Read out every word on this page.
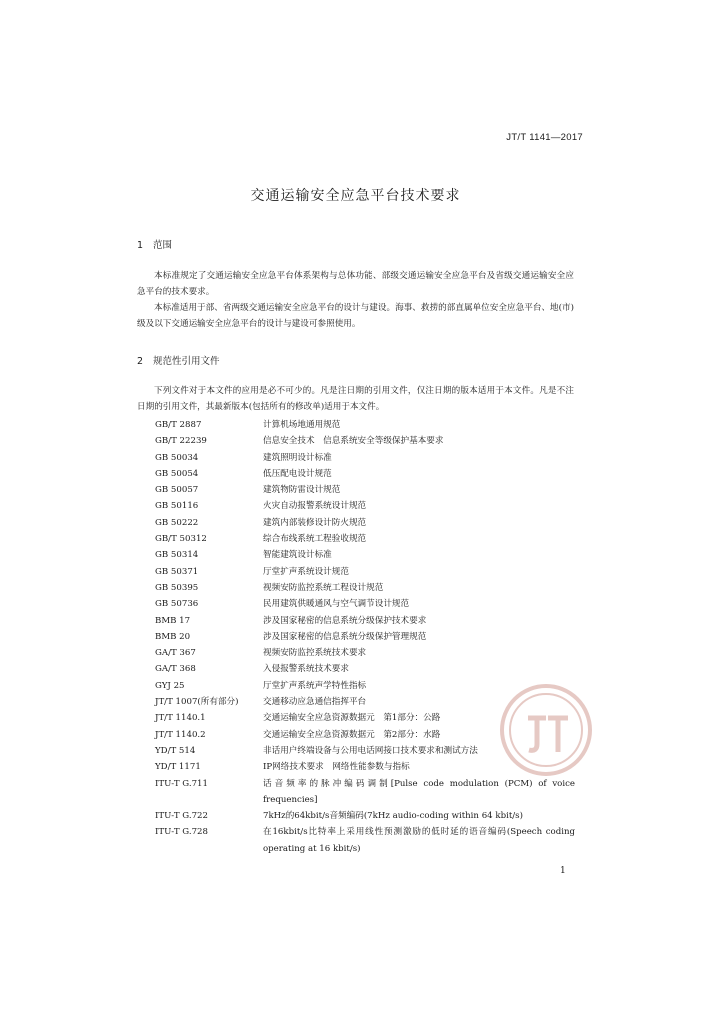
JT/T 1141—2017
交通运输安全应急平台技术要求
1 范围
本标准规定了交通运输安全应急平台体系架构与总体功能、部级交通运输安全应急平台及省级交通运输安全应急平台的技术要求。
本标准适用于部、省两级交通运输安全应急平台的设计与建设。海事、救捞的部直属单位安全应急平台、地(市)级及以下交通运输安全应急平台的设计与建设可参照使用。
2 规范性引用文件
下列文件对于本文件的应用是必不可少的。凡是注日期的引用文件，仅注日期的版本适用于本文件。凡是不注日期的引用文件，其最新版本(包括所有的修改单)适用于本文件。
GB/T 2887	计算机场地通用规范
GB/T 22239	信息安全技术　信息系统安全等级保护基本要求
GB 50034	建筑照明设计标准
GB 50054	低压配电设计规范
GB 50057	建筑物防雷设计规范
GB 50116	火灾自动报警系统设计规范
GB 50222	建筑内部装修设计防火规范
GB/T 50312	综合布线系统工程验收规范
GB 50314	智能建筑设计标准
GB 50371	厅堂扩声系统设计规范
GB 50395	视频安防监控系统工程设计规范
GB 50736	民用建筑供暖通风与空气调节设计规范
BMB 17	涉及国家秘密的信息系统分级保护技术要求
BMB 20	涉及国家秘密的信息系统分级保护管理规范
GA/T 367	视频安防监控系统技术要求
GA/T 368	入侵报警系统技术要求
GYJ 25	厅堂扩声系统声学特性指标
JT/T 1007(所有部分)	交通移动应急通信指挥平台
JT/T 1140.1	交通运输安全应急资源数据元　第1部分：公路
JT/T 1140.2	交通运输安全应急资源数据元　第2部分：水路
YD/T 514	非话用户终端设备与公用电话网接口技术要求和测试方法
YD/T 1171	IP网络技术要求　网络性能参数与指标
ITU-T G.711	话音频率的脉冲编码调制[Pulse code modulation (PCM) of voice frequencies]
ITU-T G.722	7kHz的64kbit/s音频编码(7kHz audio-coding within 64 kbit/s)
ITU-T G.728	在16kbit/s比特率上采用线性预测激励的低时延的语音编码(Speech coding operating at 16 kbit/s)
1
